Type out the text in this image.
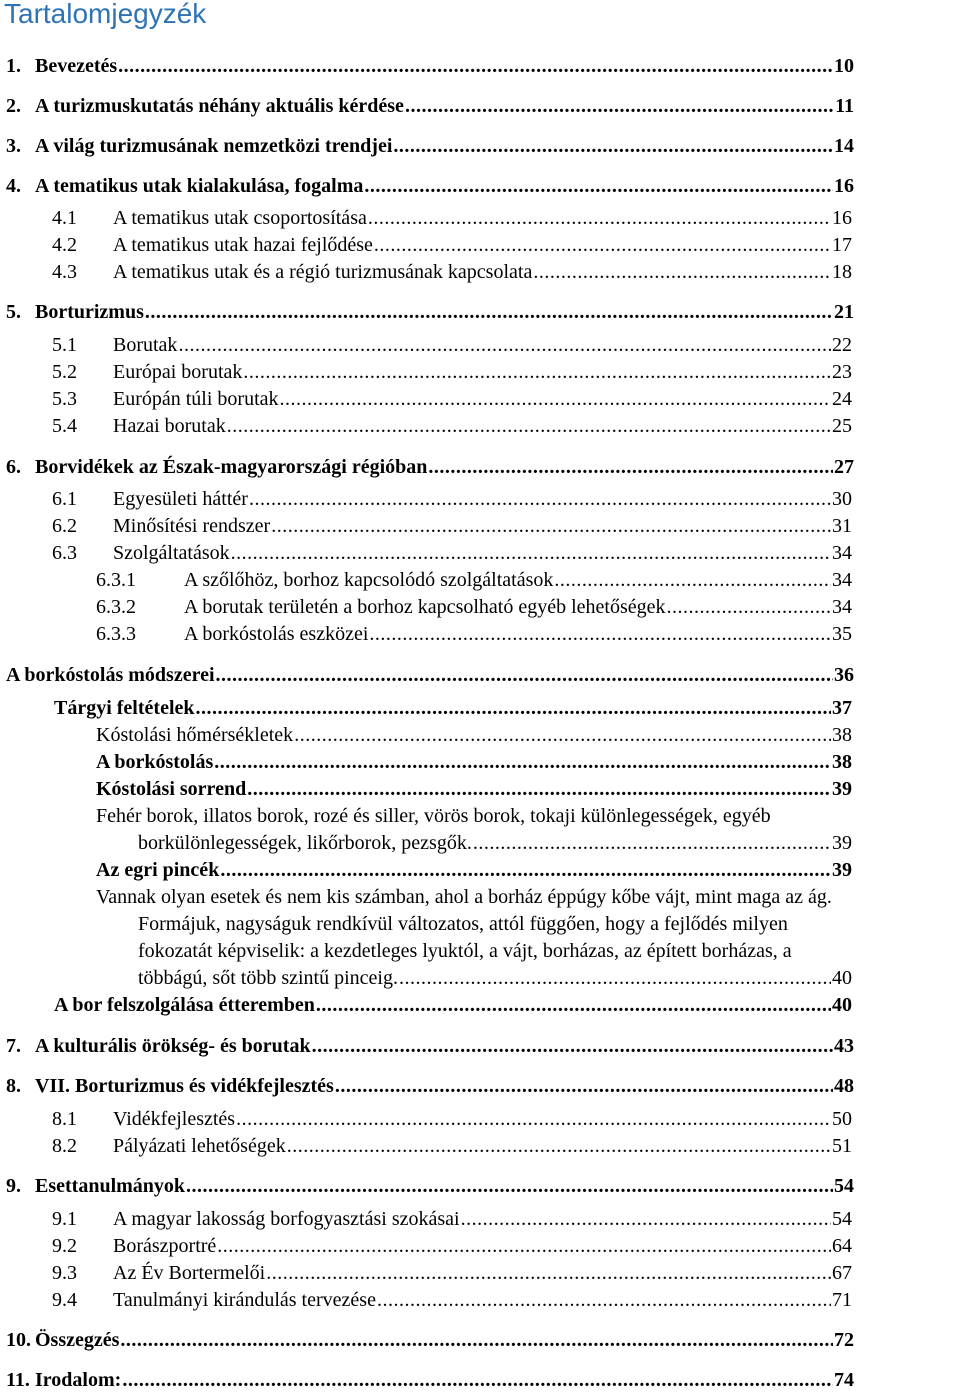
Tartalomjegyzék
1. Bevezetés .....	10
2. A turizmuskutatás néhány aktuális kérdése .....	11
3. A világ turizmusának nemzetközi trendjei .....	14
4. A tematikus utak kialakulása, fogalma .....	16
4.1	A tematikus utak csoportosítása .....	16
4.2	A tematikus utak hazai fejlődése .....	17
4.3	A tematikus utak és a régió turizmusának kapcsolata .....	18
5. Borturizmus .....	21
5.1	Borutak .....	22
5.2	Európai borutak .....	23
5.3	Európán túli borutak .....	24
5.4	Hazai borutak .....	25
6. Borvidékek az Észak-magyarországi régióban .....	27
6.1	Egyesületi háttér .....	30
6.2	Minősítési rendszer .....	31
6.3	Szolgáltatások .....	34
6.3.1	A szőlőhöz, borhoz kapcsolódó szolgáltatások .....	34
6.3.2	A borutak területén a borhoz kapcsolható egyéb lehetőségek .....	34
6.3.3	A borkóstolás eszközei .....	35
A borkóstolás módszerei .....	36
Tárgyi feltételek .....	37
Kóstolási hőmérsékletek .....	38
A borkóstolás .....	38
Kóstolási sorrend .....	39
Fehér borok, illatos borok, rozé és siller, vörös borok, tokaji különlegességek, egyéb
borkülönlegességek, likőrborok, pezsgők. .....	39
Az egri pincék .....	39
Vannak olyan esetek és nem kis számban, ahol a borház éppúgy kőbe vájt, mint maga az ág.
Formájuk, nagyságuk rendkívül változatos, attól függően, hogy a fejlődés milyen
fokozatát képviselik: a kezdetleges lyuktól, a vájt, borházas, az épített borházas, a
többágú, sőt több szintű pinceig. .....	40
A bor felszolgálása étteremben .....	40
7. A kulturális örökség- és borutak .....	43
8. VII. Borturizmus és vidékfejlesztés .....	48
8.1	Vidékfejlesztés .....	50
8.2	Pályázati lehetőségek .....	51
9. Esettanulmányok .....	54
9.1	A magyar lakosság borfogyasztási szokásai .....	54
9.2	Borászportré .....	64
9.3	Az Év Bortermelői .....	67
9.4	Tanulmányi kirándulás tervezése .....	71
10. Összegzés .....	72
11. Irodalom: .....	74
